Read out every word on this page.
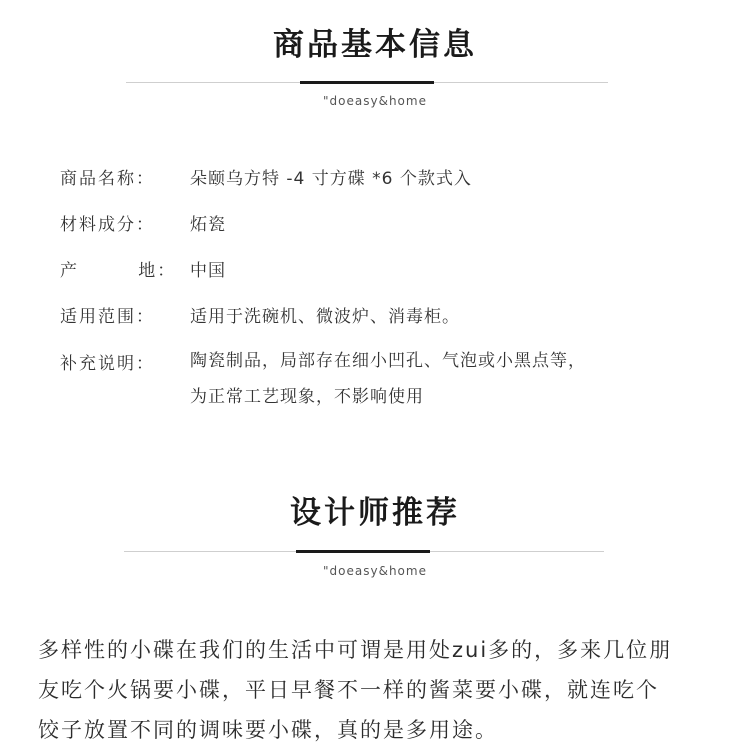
商品基本信息
"doeasy&home
商品名称： 朵颐乌方特 -4 寸方碟 *6 个款式入
材料成分： 炻瓷
产        地： 中国
适用范围： 适用于洗碗机、微波炉、消毒柜。
补充说明： 陶瓷制品，局部存在细小凹孔、气泡或小黑点等，
为正常工艺现象，不影响使用
设计师推荐
"doeasy&home
多样性的小碟在我们的生活中可谓是用处zui多的，多来几位朋
友吃个火锅要小碟，平日早餐不一样的酱菜要小碟，就连吃个
饺子放置不同的调味要小碟，真的是多用途。
